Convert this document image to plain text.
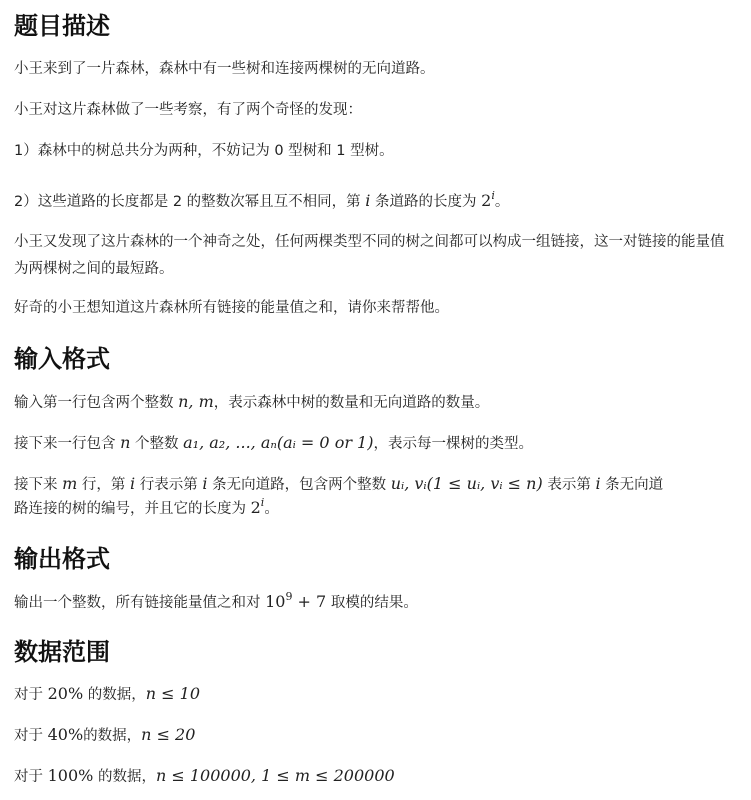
题目描述

小王来到了一片森林，森林中有一些树和连接两棵树的无向道路。

小王对这片森林做了一些考察，有了两个奇怪的发现：

1）森林中的树总共分为两种，不妨记为 0 型树和 1 型树。

2）这些道路的长度都是 2 的整数次幂且互不相同，第 i 条道路的长度为 2$^i$。

小王又发现了这片森林的一个神奇之处，任何两棵类型不同的树之间都可以构成一组链接，这一对链接的能量值为两棵树之间的最短路。

好奇的小王想知道这片森林所有链接的能量值之和，请你来帮帮他。

输入格式

输入第一行包含两个整数 n, m，表示森林中树的数量和无向道路的数量。

接下来一行包含 n 个整数 a₁, a₂, ..., aₙ(aᵢ = 0 or 1)，表示每一棵树的类型。

接下来 m 行，第 i 行表示第 i 条无向道路，包含两个整数 uᵢ, vᵢ(1 ≤ uᵢ, vᵢ ≤ n) 表示第 i 条无向道

路连接的树的编号，并且它的长度为 2$^i$。

输出格式

输出一个整数，所有链接能量值之和对 $10^9 + 7$ 取模的结果。

数据范围

对于 20% 的数据，n ≤ 10

对于 40%的数据，n ≤ 20

对于 100% 的数据，n ≤ 100000, 1 ≤ m ≤ 200000
